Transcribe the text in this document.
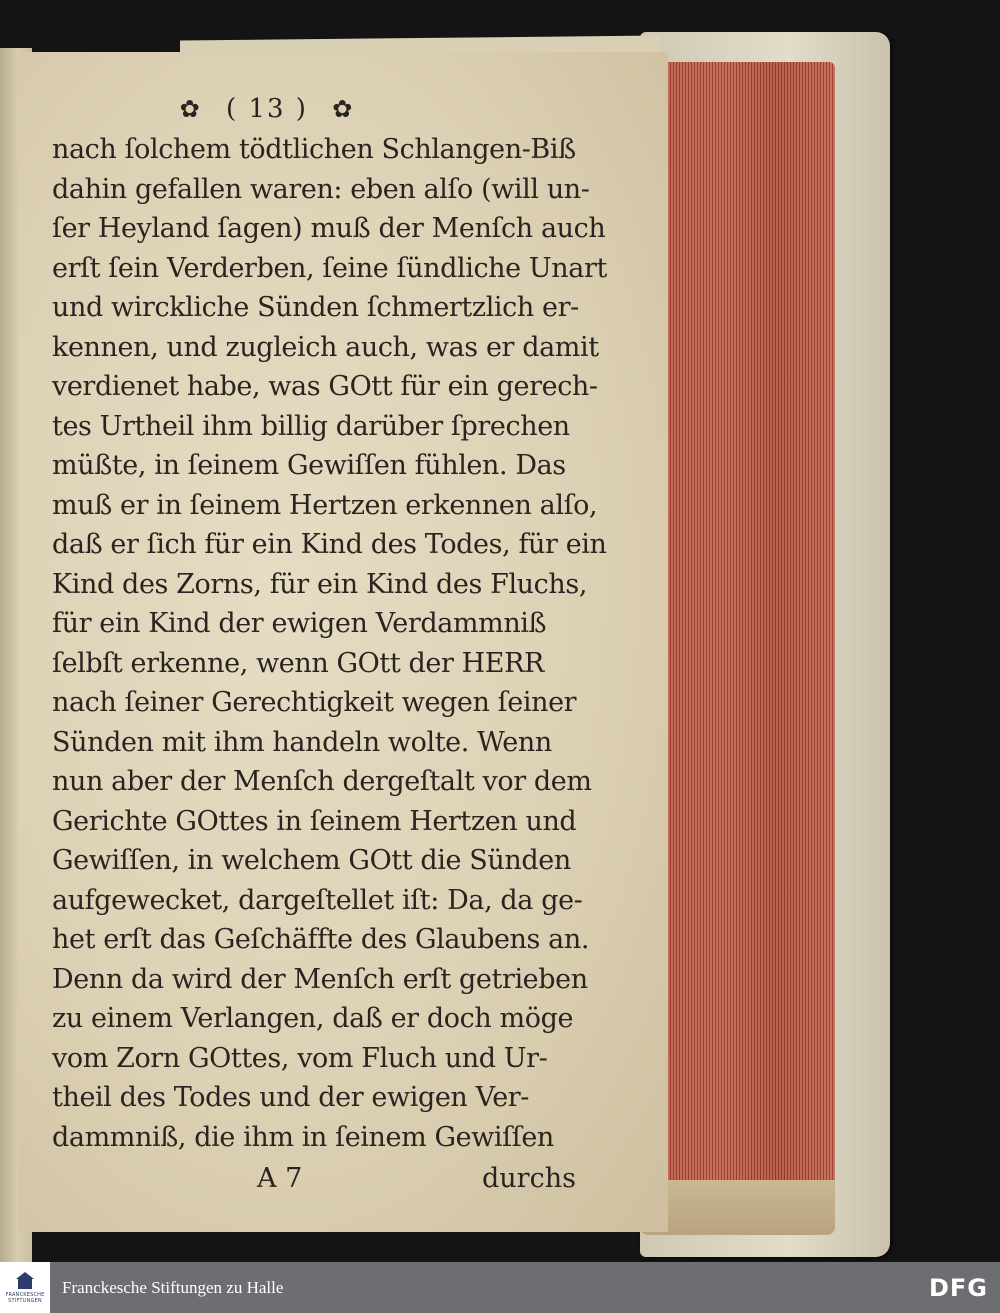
✿ ( 13 ) ✿
nach ſolchem tödtlichen Schlangen-Biß
dahin gefallen waren: eben alſo (will un-
ſer Heyland ſagen) muß der Menſch auch
erſt ſein Verderben, ſeine ſündliche Unart
und wirckliche Sünden ſchmertzlich er-
kennen, und zugleich auch, was er damit
verdienet habe, was GOtt für ein gerech-
tes Urtheil ihm billig darüber ſprechen
müßte, in ſeinem Gewiſſen fühlen. Das
muß er in ſeinem Hertzen erkennen alſo,
daß er ſich für ein Kind des Todes, für ein
Kind des Zorns, für ein Kind des Fluchs,
für ein Kind der ewigen Verdammniß
ſelbſt erkenne, wenn GOtt der HERR
nach ſeiner Gerechtigkeit wegen ſeiner
Sünden mit ihm handeln wolte. Wenn
nun aber der Menſch dergeſtalt vor dem
Gerichte GOttes in ſeinem Hertzen und
Gewiſſen, in welchem GOtt die Sünden
aufgewecket, dargeſtellet iſt: Da, da ge-
het erſt das Geſchäffte des Glaubens an.
Denn da wird der Menſch erſt getrieben
zu einem Verlangen, daß er doch möge
vom Zorn GOttes, vom Fluch und Ur-
theil des Todes und der ewigen Ver-
dammniß, die ihm in ſeinem Gewiſſen
A 7	durchs
FRANCKESCHE
STIFTUNGEN
Franckesche Stiftungen zu Halle	DFG
